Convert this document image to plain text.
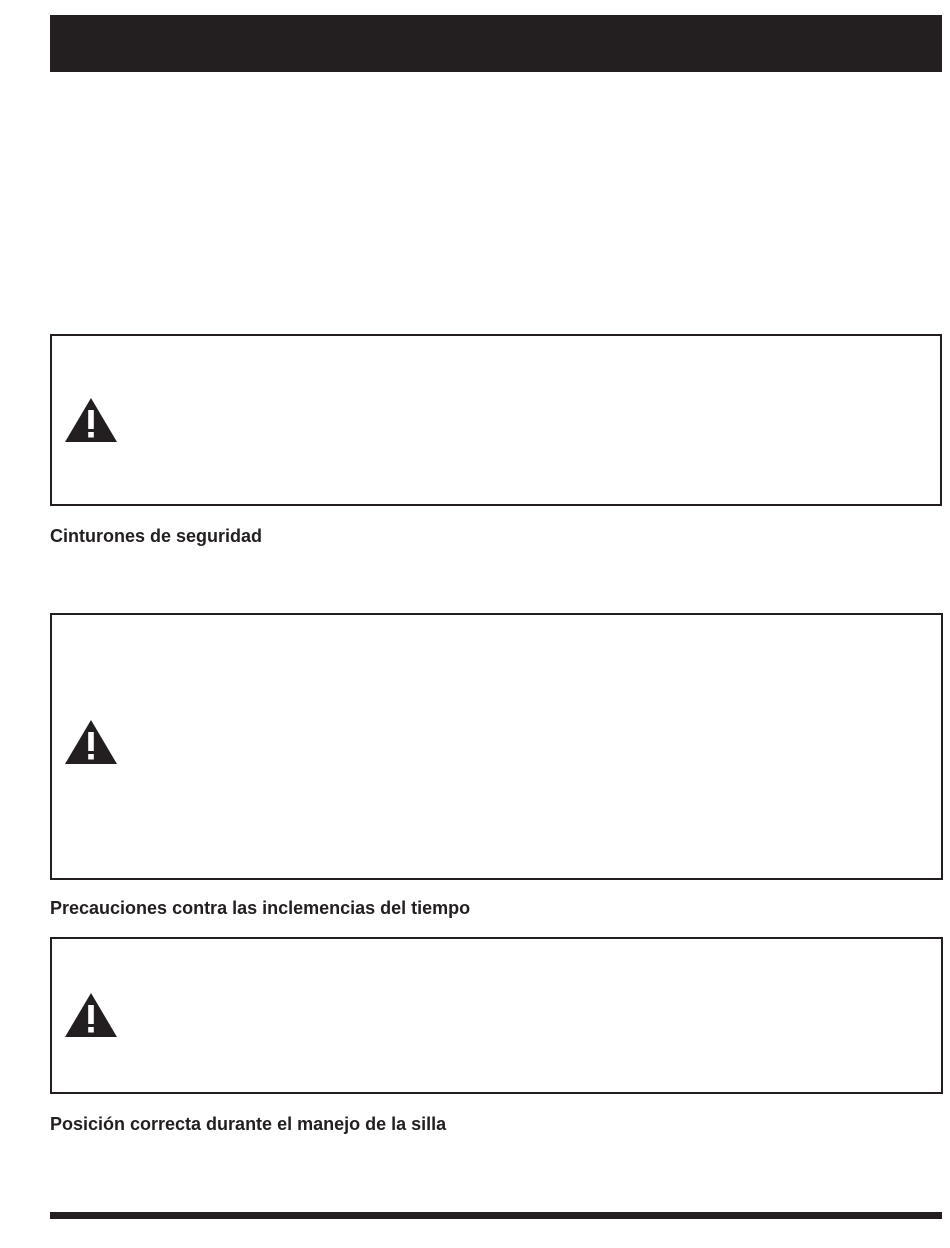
Cinturones de seguridad
Precauciones contra las inclemencias del tiempo
Posición correcta durante el manejo de la silla
